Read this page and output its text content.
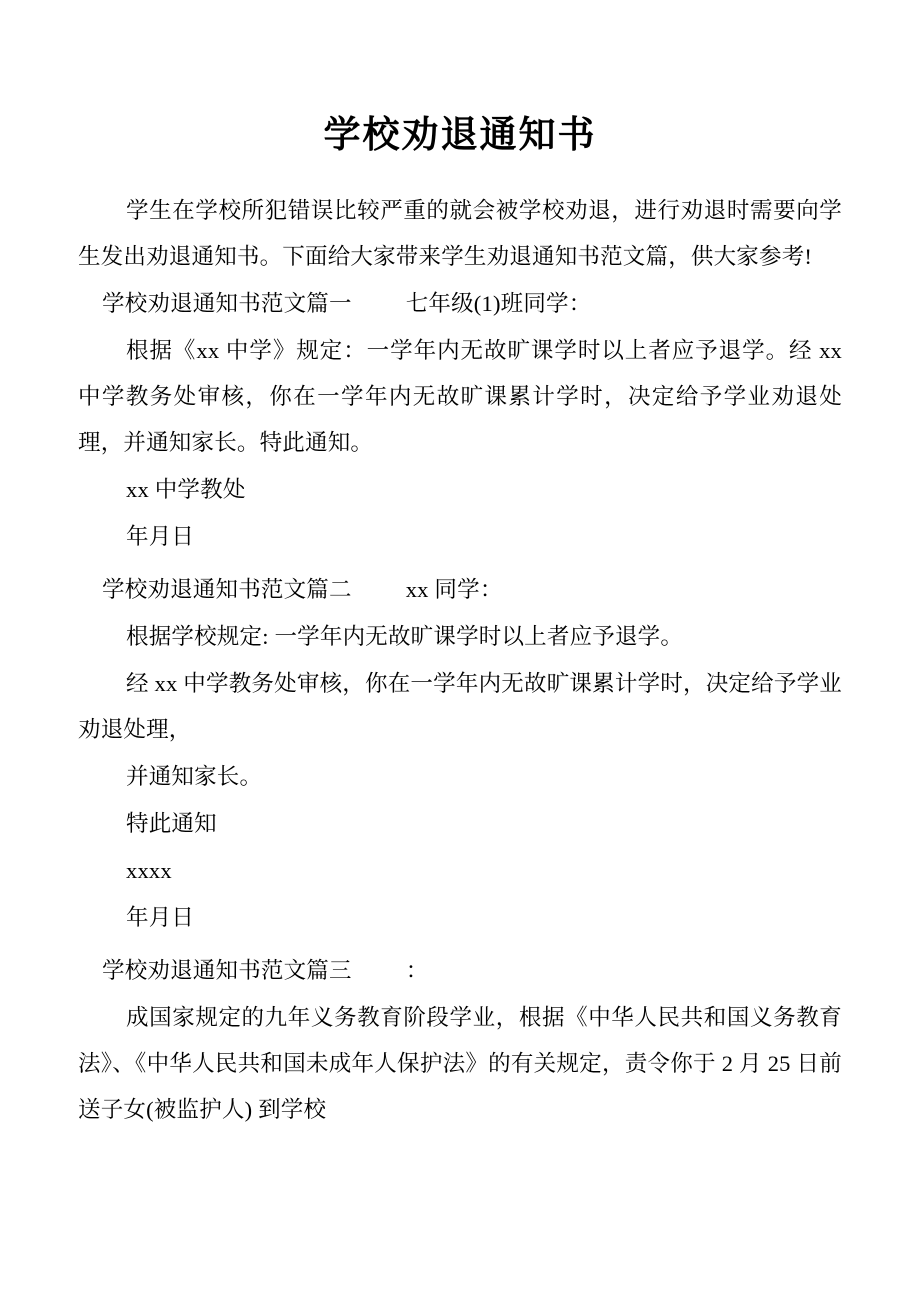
学校劝退通知书

学生在学校所犯错误比较严重的就会被学校劝退，进行劝退时需要向学生发出劝退通知书。下面给大家带来学生劝退通知书范文篇，供大家参考!

学校劝退通知书范文篇一 七年级(1)班同学：

根据《xx 中学》规定：一学年内无故旷课学时以上者应予退学。经 xx 中学教务处审核，你在一学年内无故旷课累计学时，决定给予学业劝退处理，并通知家长。特此通知。

xx 中学教处

年月日

学校劝退通知书范文篇二 xx 同学：

根据学校规定: 一学年内无故旷课学时以上者应予退学。

经 xx 中学教务处审核，你在一学年内无故旷课累计学时，决定给予学业劝退处理，

并通知家长。

特此通知

xxxx

年月日

学校劝退通知书范文篇三 ：

成国家规定的九年义务教育阶段学业，根据《中华人民共和国义务教育法》、《中华人民共和国未成年人保护法》的有关规定，责令你于 2 月 25 日前送子女(被监护人) 到学校
